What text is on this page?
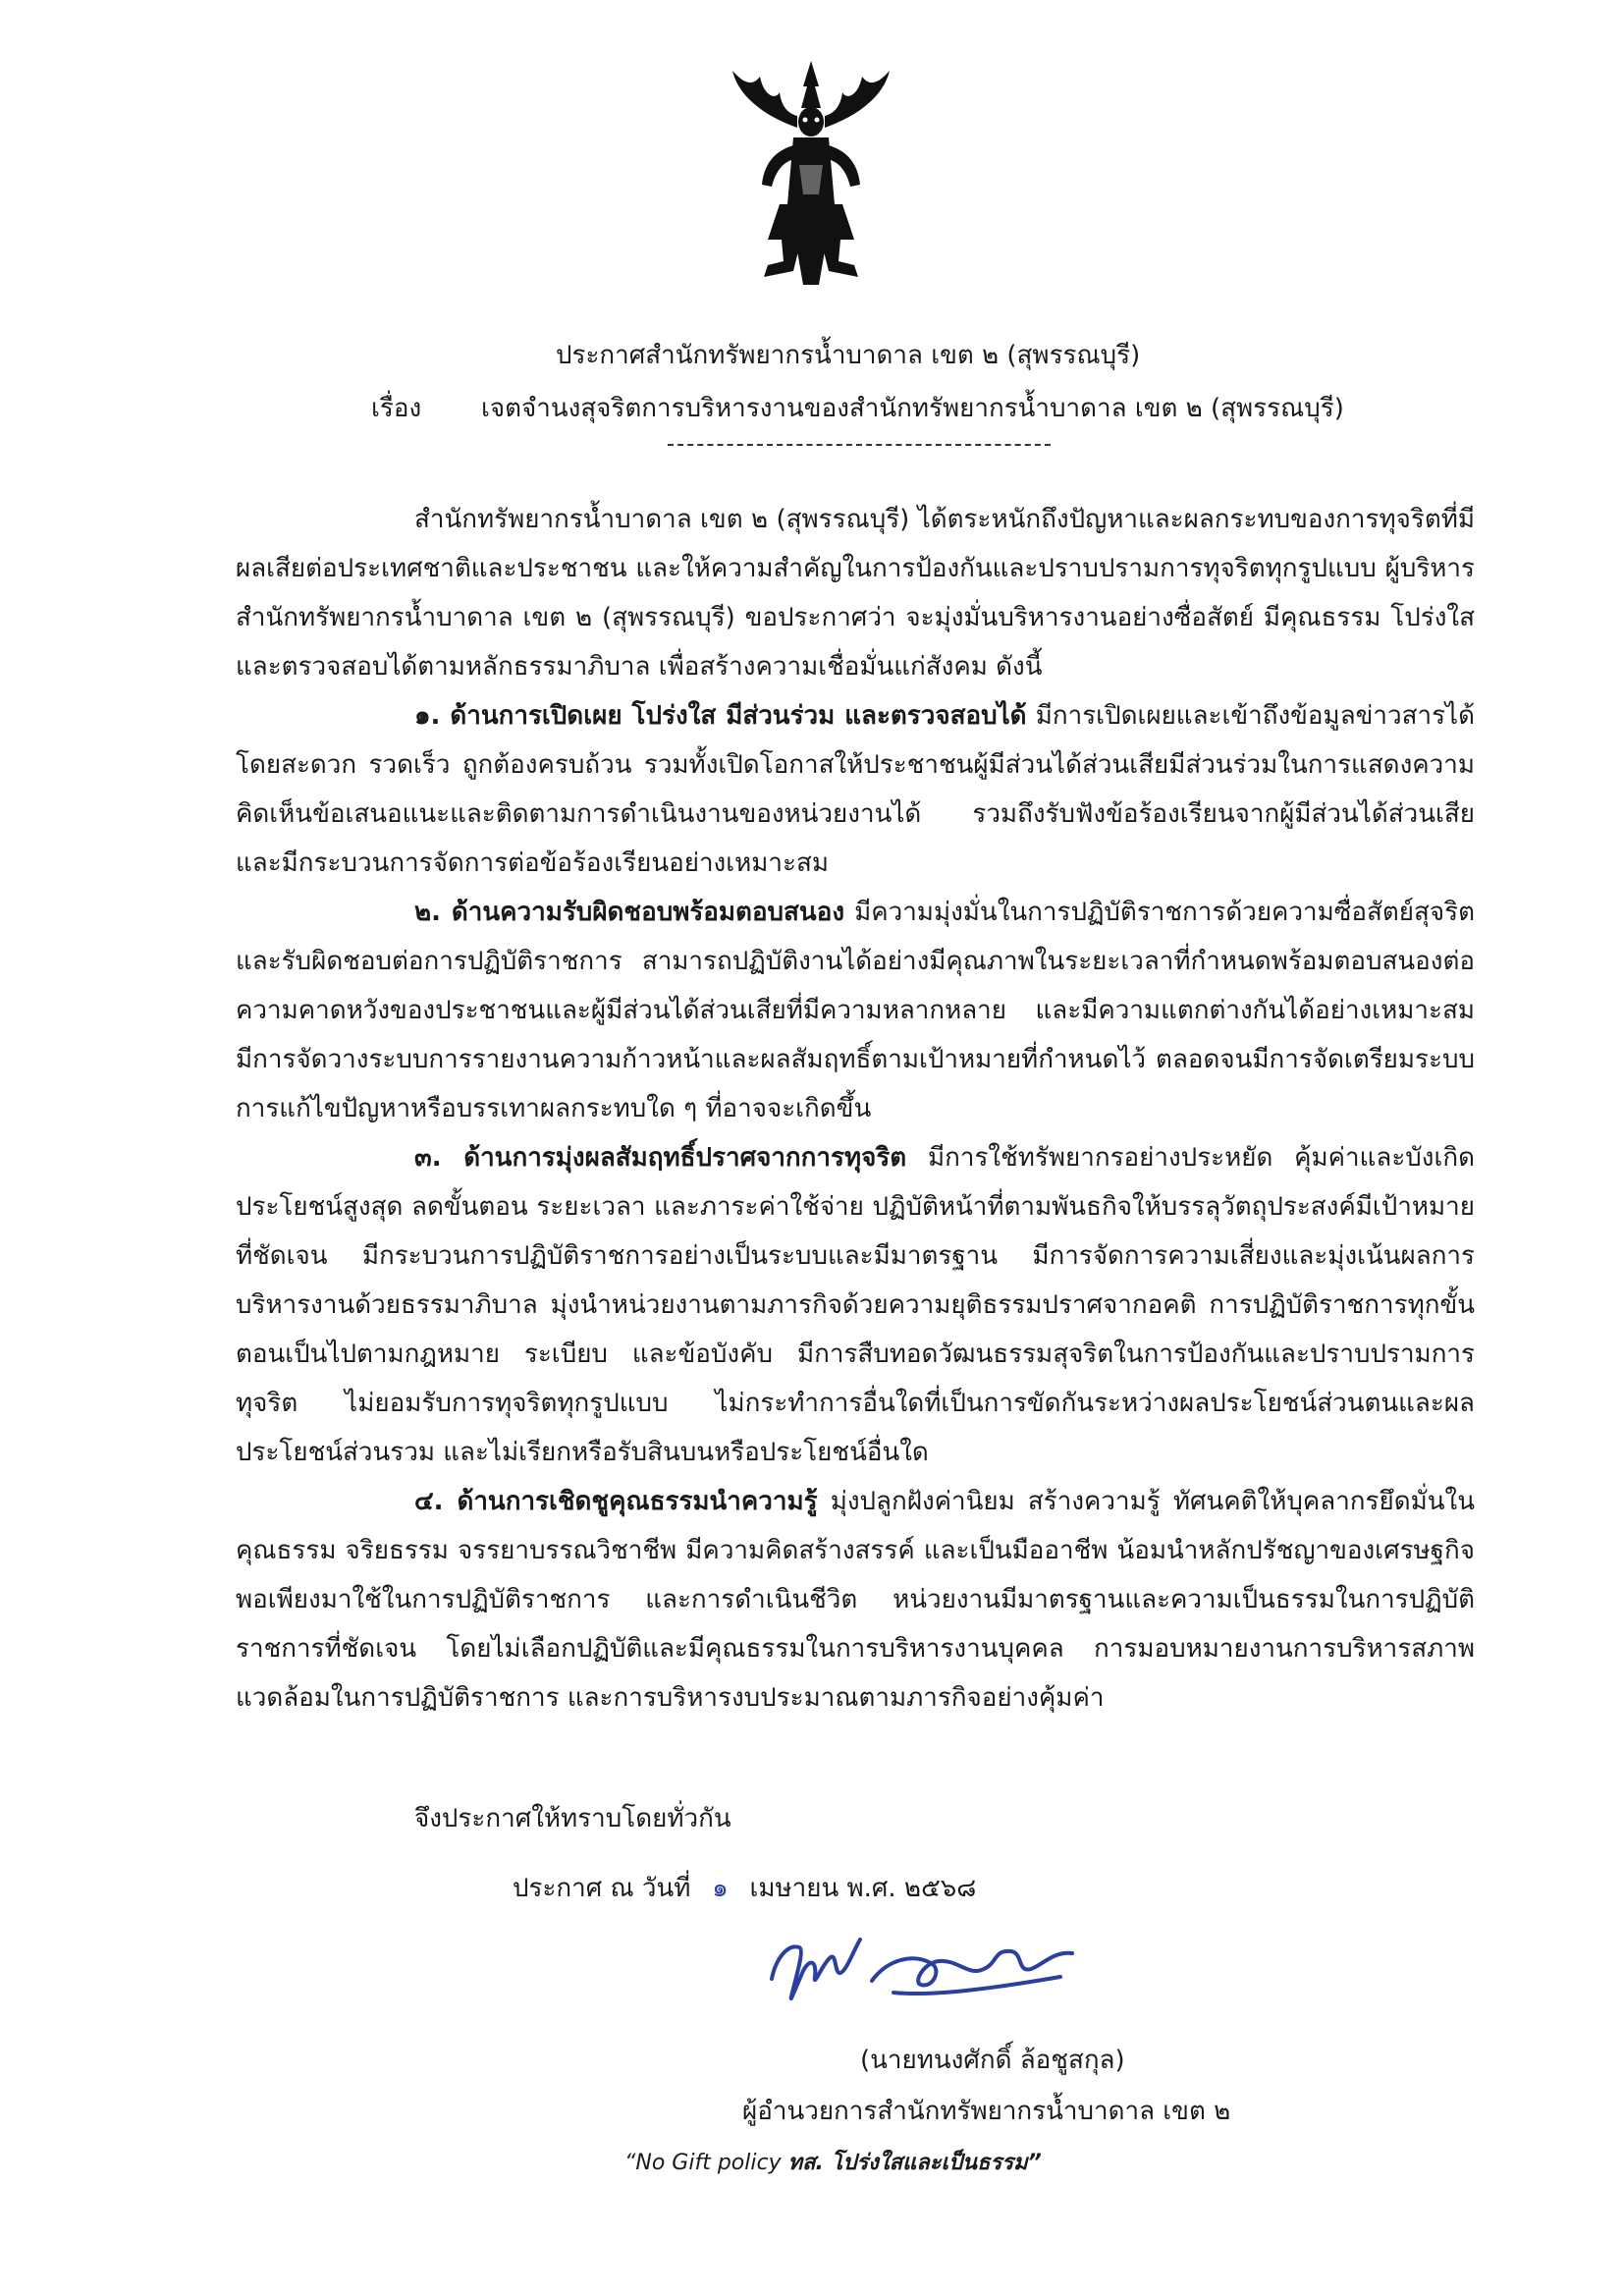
ประกาศสำนักทรัพยากรน้ำบาดาล เขต ๒ (สุพรรณบุรี)
เรื่อง เจตจำนงสุจริตการบริหารงานของสำนักทรัพยากรน้ำบาดาล เขต ๒ (สุพรรณบุรี)

สำนักทรัพยากรน้ำบาดาล เขต ๒ (สุพรรณบุรี) ได้ตระหนักถึงปัญหาและผลกระทบของการทุจริตที่มีผลเสียต่อประเทศชาติและประชาชน และให้ความสำคัญในการป้องกันและปราบปรามการทุจริตทุกรูปแบบ ผู้บริหารสำนักทรัพยากรน้ำบาดาล เขต ๒ (สุพรรณบุรี) ขอประกาศว่า จะมุ่งมั่นบริหารงานอย่างซื่อสัตย์ มีคุณธรรม โปร่งใส และตรวจสอบได้ตามหลักธรรมาภิบาล เพื่อสร้างความเชื่อมั่นแก่สังคม ดังนี้

๑. ด้านการเปิดเผย โปร่งใส มีส่วนร่วม และตรวจสอบได้ มีการเปิดเผยและเข้าถึงข้อมูลข่าวสารได้โดยสะดวก รวดเร็ว ถูกต้องครบถ้วน รวมทั้งเปิดโอกาสให้ประชาชนผู้มีส่วนได้ส่วนเสียมีส่วนร่วมในการแสดงความคิดเห็นข้อเสนอแนะและติดตามการดำเนินงานของหน่วยงานได้ รวมถึงรับฟังข้อร้องเรียนจากผู้มีส่วนได้ส่วนเสียและมีกระบวนการจัดการต่อข้อร้องเรียนอย่างเหมาะสม

๒. ด้านความรับผิดชอบพร้อมตอบสนอง มีความมุ่งมั่นในการปฏิบัติราชการด้วยความซื่อสัตย์สุจริต และรับผิดชอบต่อการปฏิบัติราชการ สามารถปฏิบัติงานได้อย่างมีคุณภาพในระยะเวลาที่กำหนดพร้อมตอบสนองต่อความคาดหวังของประชาชนและผู้มีส่วนได้ส่วนเสียที่มีความหลากหลาย และมีความแตกต่างกันได้อย่างเหมาะสม มีการจัดวางระบบการรายงานความก้าวหน้าและผลสัมฤทธิ์ตามเป้าหมายที่กำหนดไว้ ตลอดจนมีการจัดเตรียมระบบการแก้ไขปัญหาหรือบรรเทาผลกระทบใด ๆ ที่อาจจะเกิดขึ้น

๓. ด้านการมุ่งผลสัมฤทธิ์ปราศจากการทุจริต มีการใช้ทรัพยากรอย่างประหยัด คุ้มค่าและบังเกิดประโยชน์สูงสุด ลดขั้นตอน ระยะเวลา และภาระค่าใช้จ่าย ปฏิบัติหน้าที่ตามพันธกิจให้บรรลุวัตถุประสงค์มีเป้าหมายที่ชัดเจน มีกระบวนการปฏิบัติราชการอย่างเป็นระบบและมีมาตรฐาน มีการจัดการความเสี่ยงและมุ่งเน้นผลการบริหารงานด้วยธรรมาภิบาล มุ่งนำหน่วยงานตามภารกิจด้วยความยุติธรรมปราศจากอคติ การปฏิบัติราชการทุกขั้นตอนเป็นไปตามกฎหมาย ระเบียบ และข้อบังคับ มีการสืบทอดวัฒนธรรมสุจริตในการป้องกันและปราบปรามการทุจริต ไม่ยอมรับการทุจริตทุกรูปแบบ ไม่กระทำการอื่นใดที่เป็นการขัดกันระหว่างผลประโยชน์ส่วนตนและผลประโยชน์ส่วนรวม และไม่เรียกหรือรับสินบนหรือประโยชน์อื่นใด

๔. ด้านการเชิดชูคุณธรรมนำความรู้ มุ่งปลูกฝังค่านิยม สร้างความรู้ ทัศนคติให้บุคลากรยึดมั่นในคุณธรรม จริยธรรม จรรยาบรรณวิชาชีพ มีความคิดสร้างสรรค์ และเป็นมืออาชีพ น้อมนำหลักปรัชญาของเศรษฐกิจพอเพียงมาใช้ในการปฏิบัติราชการ และการดำเนินชีวิต หน่วยงานมีมาตรฐานและความเป็นธรรมในการปฏิบัติราชการที่ชัดเจน โดยไม่เลือกปฏิบัติและมีคุณธรรมในการบริหารงานบุคคล การมอบหมายงานการบริหารสภาพแวดล้อมในการปฏิบัติราชการ และการบริหารงบประมาณตามภารกิจอย่างคุ้มค่า

จึงประกาศให้ทราบโดยทั่วกัน
ประกาศ ณ วันที่ ๑ เมษายน พ.ศ. ๒๕๖๘
(นายทนงศักดิ์ ล้อชูสกุล)
ผู้อำนวยการสำนักทรัพยากรน้ำบาดาล เขต ๒
“No Gift policy ทส. โปร่งใสและเป็นธรรม”
